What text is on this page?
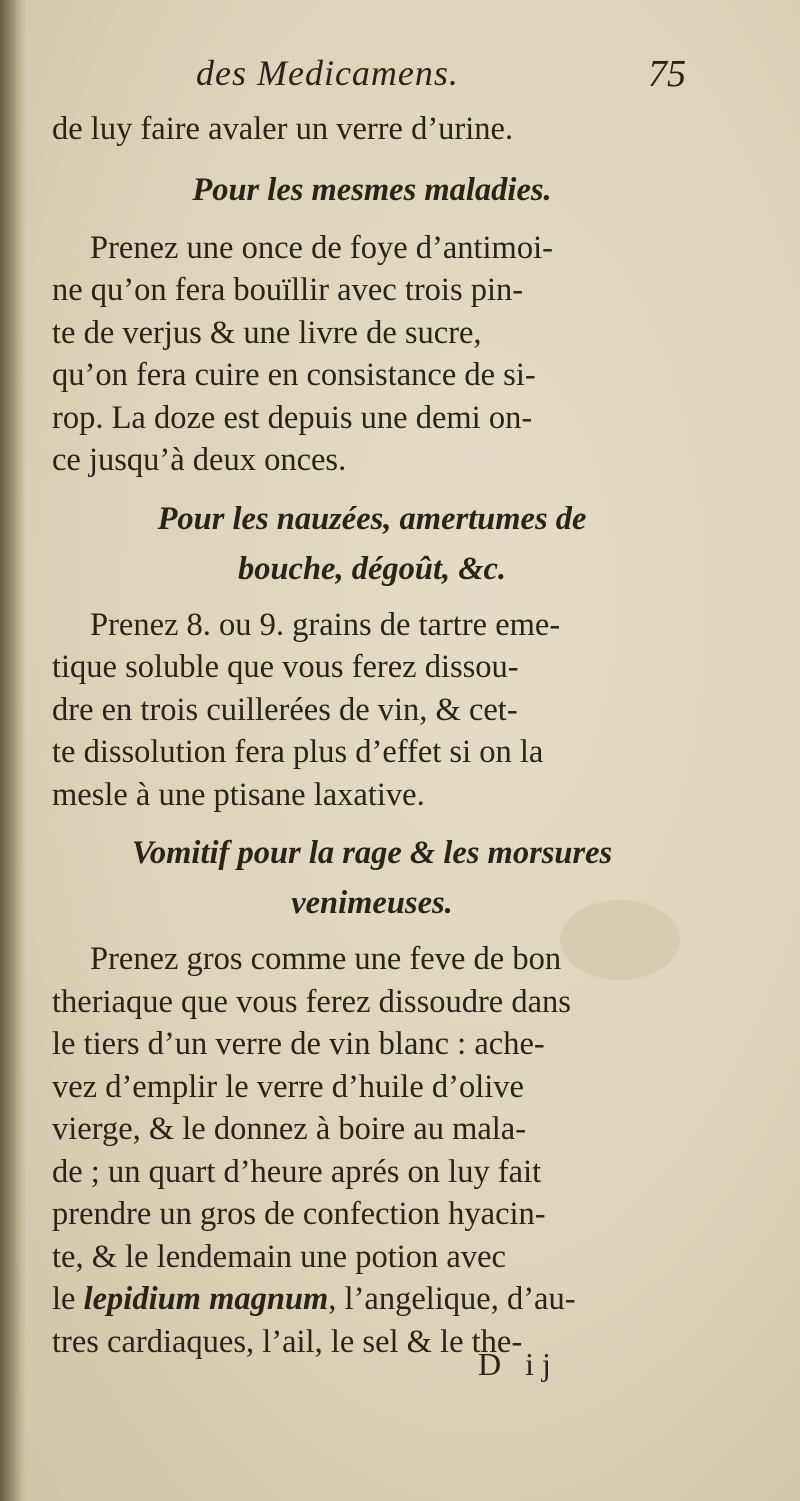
des Medicamens.	75
de luy faire avaler un verre d’urine.
Pour les mesmes maladies.
Prenez une once de foye d’antimoi-
ne qu’on fera bouïllir avec trois pin-
te de verjus & une livre de sucre,
qu’on fera cuire en consistance de si-
rop. La doze est depuis une demi on-
ce jusqu’à deux onces.
Pour les nauzées, amertumes de
bouche, dégoût, &c.
Prenez 8. ou 9. grains de tartre eme-
tique soluble que vous ferez dissou-
dre en trois cuillerées de vin, & cet-
te dissolution fera plus d’effet si on la
mesle à une ptisane laxative.
Vomitif pour la rage & les morsures
venimeuses.
Prenez gros comme une feve de bon
theriaque que vous ferez dissoudre dans
le tiers d’un verre de vin blanc : ache-
vez d’emplir le verre d’huile d’olive
vierge, & le donnez à boire au mala-
de ; un quart d’heure aprés on luy fait
prendre un gros de confection hyacin-
te, & le lendemain une potion avec
le lepidium magnum, l’angelique, d’au-
tres cardiaques, l’ail, le sel & le the-
D ij
